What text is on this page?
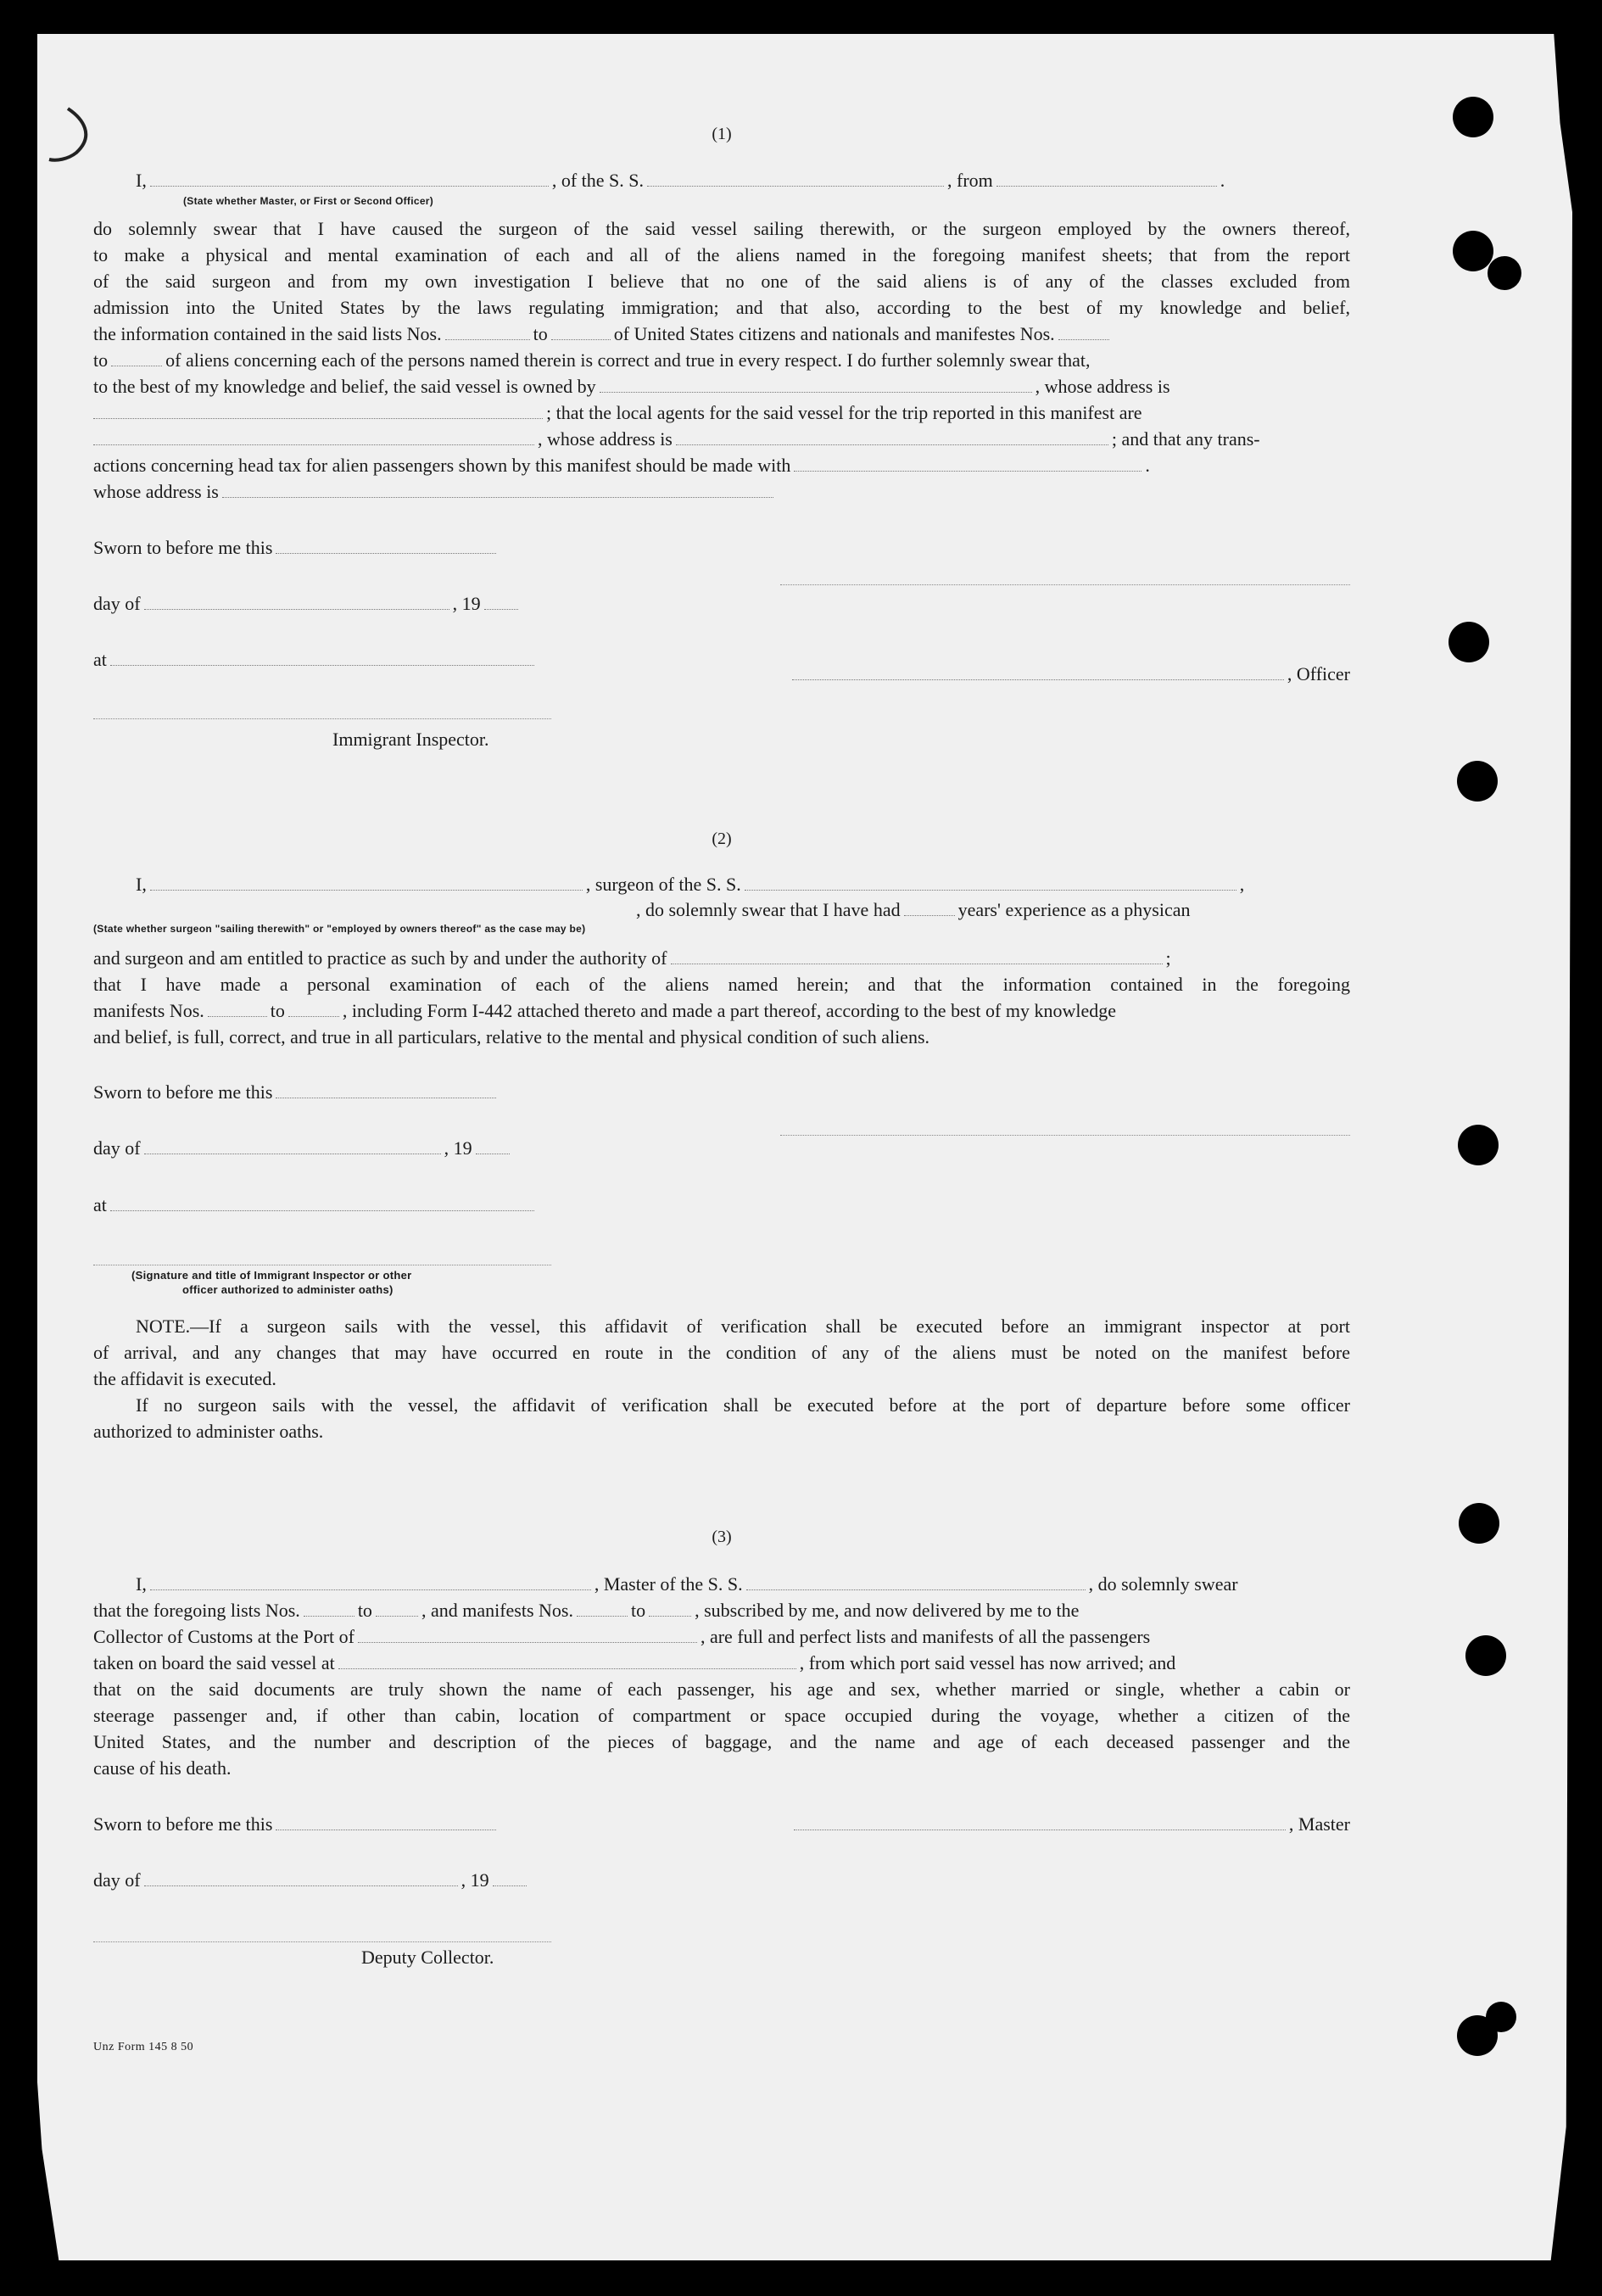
(1)
I,	, of the S. S.	, from	.
(State whether Master, or First or Second Officer)
do solemnly swear that I have caused the surgeon of the said vessel sailing therewith, or the surgeon employed by the owners thereof,
to make a physical and mental examination of each and all of the aliens named in the foregoing manifest sheets; that from the report
of the said surgeon and from my own investigation I believe that no one of the said aliens is of any of the classes excluded from
admission into the United States by the laws regulating immigration; and that also, according to the best of my knowledge and belief,
the information contained in the said lists Nos.	to	of United States citizens and nationals and manifestes Nos.
to	of aliens concerning each of the persons named therein is correct and true in every respect. I do further solemnly swear that,
to the best of my knowledge and belief, the said vessel is owned by	, whose address is
; that the local agents for the said vessel for the trip reported in this manifest are
, whose address is	; and that any trans-
actions concerning head tax for alien passengers shown by this manifest should be made with	.
whose address is
Sworn to before me this
day of	, 19
at
, Officer
Immigrant Inspector.
(2)
I,	, surgeon of the S. S.	,
, do solemnly swear that I have had	years' experience as a physican
(State whether surgeon "sailing therewith" or "employed by owners thereof" as the case may be)
and surgeon and am entitled to practice as such by and under the authority of	;
that I have made a personal examination of each of the aliens named herein; and that the information contained in the foregoing
manifests Nos.	to	, including Form I-442 attached thereto and made a part thereof, according to the best of my knowledge
and belief, is full, correct, and true in all particulars, relative to the mental and physical condition of such aliens.
Sworn to before me this
day of	, 19
at
(Signature and title of Immigrant Inspector or other
officer authorized to administer oaths)
NOTE.—If a surgeon sails with the vessel, this affidavit of verification shall be executed before an immigrant inspector at port
of arrival, and any changes that may have occurred en route in the condition of any of the aliens must be noted on the manifest before
the affidavit is executed.
If no surgeon sails with the vessel, the affidavit of verification shall be executed before at the port of departure before some officer
authorized to administer oaths.
(3)
I,	, Master of the S. S.	, do solemnly swear
that the foregoing lists Nos.	to	, and manifests Nos.	to	, subscribed by me, and now delivered by me to the
Collector of Customs at the Port of	, are full and perfect lists and manifests of all the passengers
taken on board the said vessel at	, from which port said vessel has now arrived; and
that on the said documents are truly shown the name of each passenger, his age and sex, whether married or single, whether a cabin or
steerage passenger and, if other than cabin, location of compartment or space occupied during the voyage, whether a citizen of the
United States, and the number and description of the pieces of baggage, and the name and age of each deceased passenger and the
cause of his death.
Sworn to before me this	, Master
day of	, 19
Deputy Collector.
Unz Form 145 8 50
